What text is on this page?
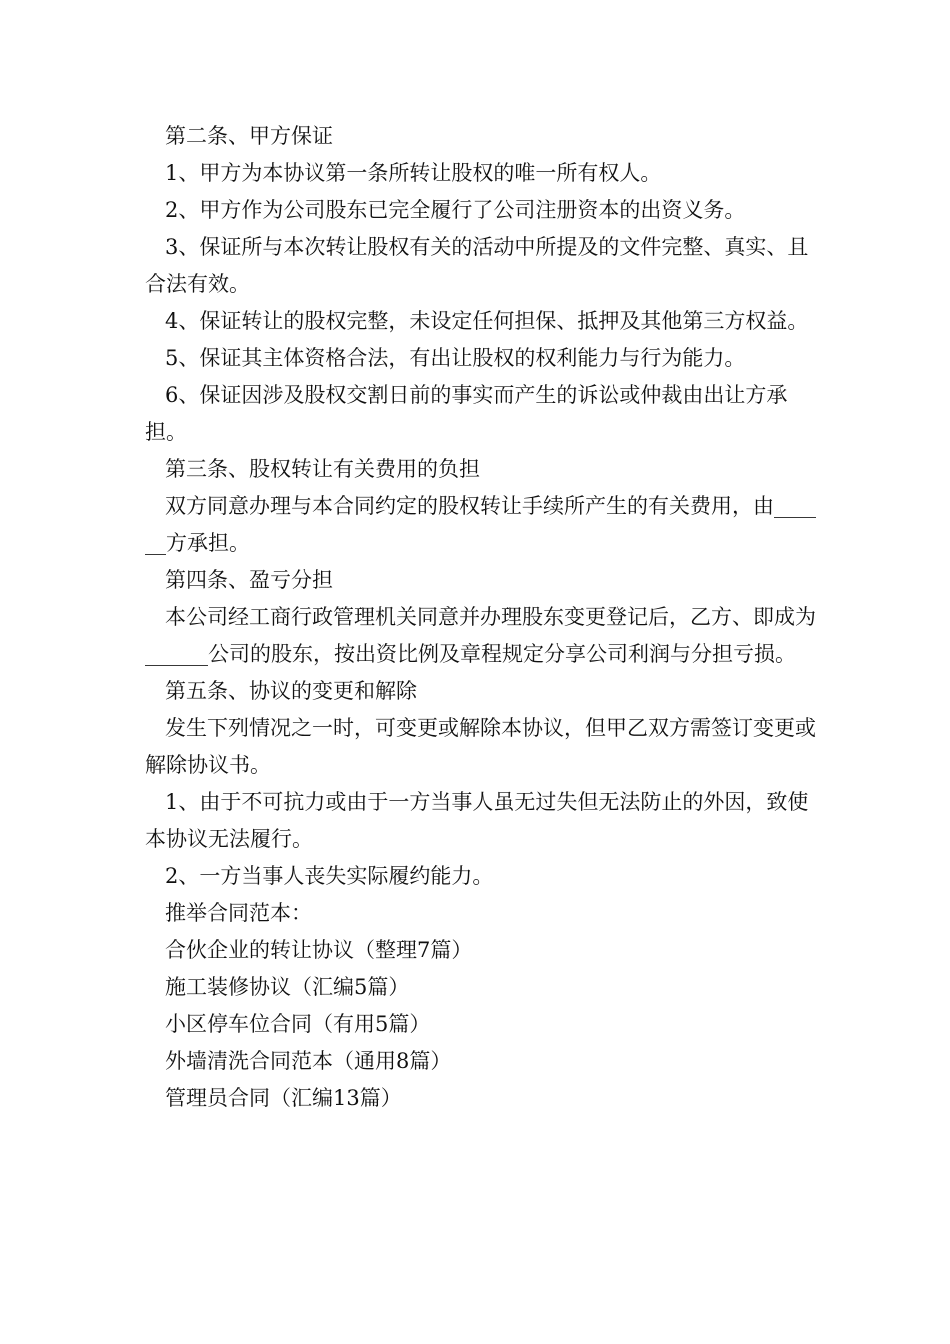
第二条、甲方保证

1、甲方为本协议第一条所转让股权的唯一所有权人。

2、甲方作为公司股东已完全履行了公司注册资本的出资义务。

3、保证所与本次转让股权有关的活动中所提及的文件完整、真实、且合法有效。

4、保证转让的股权完整，未设定任何担保、抵押及其他第三方权益。

5、保证其主体资格合法，有出让股权的权利能力与行为能力。

6、保证因涉及股权交割日前的事实而产生的诉讼或仲裁由出让方承担。

第三条、股权转让有关费用的负担

双方同意办理与本合同约定的股权转让手续所产生的有关费用，由______方承担。

第四条、盈亏分担

本公司经工商行政管理机关同意并办理股东变更登记后，乙方、即成为______公司的股东，按出资比例及章程规定分享公司利润与分担亏损。

第五条、协议的变更和解除

发生下列情况之一时，可变更或解除本协议，但甲乙双方需签订变更或解除协议书。

1、由于不可抗力或由于一方当事人虽无过失但无法防止的外因，致使本协议无法履行。

2、一方当事人丧失实际履约能力。

推举合同范本：

合伙企业的转让协议（整理7篇）

施工装修协议（汇编5篇）

小区停车位合同（有用5篇）

外墙清洗合同范本（通用8篇）

管理员合同（汇编13篇）
